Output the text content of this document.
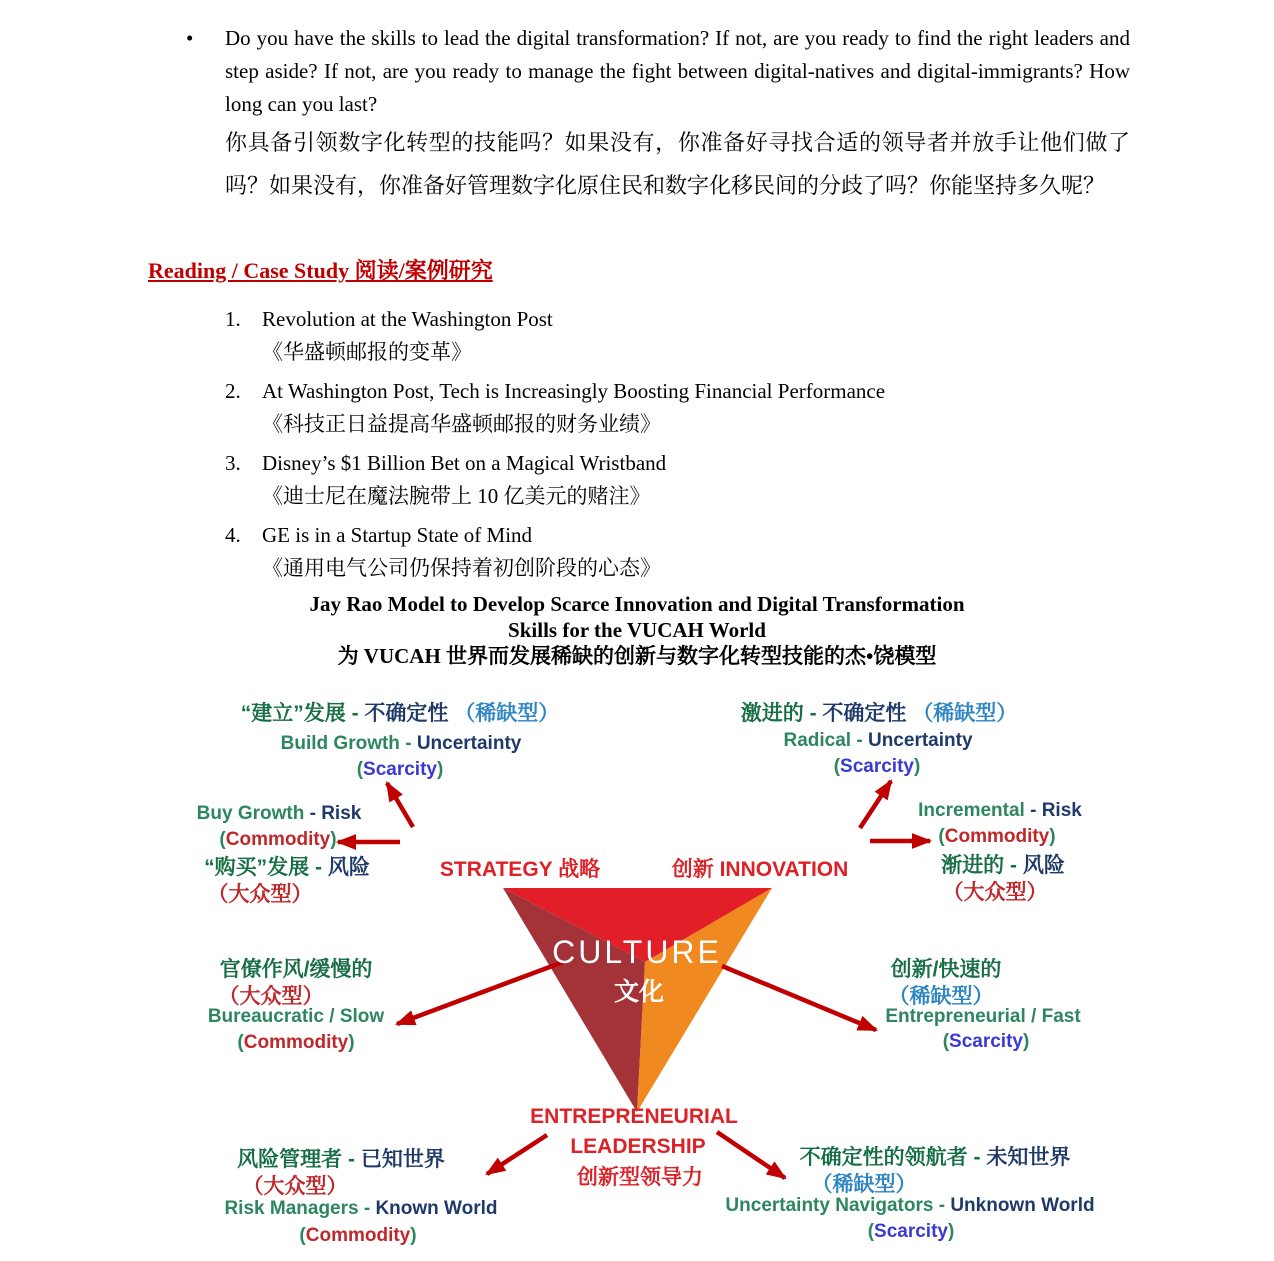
•	Do you have the skills to lead the digital transformation? If not, are you ready to find the right leaders and step aside? If not, are you ready to manage the fight between digital-natives and digital-immigrants? How long can you last?
你具备引领数字化转型的技能吗？如果没有，你准备好寻找合适的领导者并放手让他们做了吗？如果没有，你准备好管理数字化原住民和数字化移民间的分歧了吗？你能坚持多久呢？
Reading / Case Study 阅读/案例研究
1.	Revolution at the Washington Post
《华盛顿邮报的变革》
2.	At Washington Post, Tech is Increasingly Boosting Financial Performance
《科技正日益提高华盛顿邮报的财务业绩》
3.	Disney’s $1 Billion Bet on a Magical Wristband
《迪士尼在魔法腕带上 10 亿美元的赌注》
4.	GE is in a Startup State of Mind
《通用电气公司仍保持着初创阶段的心态》
Jay Rao Model to Develop Scarce Innovation and Digital Transformation
Skills for the VUCAH World
为 VUCAH 世界而发展稀缺的创新与数字化转型技能的杰•饶模型
“建立”发展 - 不确定性 （稀缺型）
Build Growth - Uncertainty
(Scarcity)
Buy Growth - Risk
(Commodity)
“购买”发展 - 风险
（大众型）
STRATEGY 战略	创新 INNOVATION
激进的 - 不确定性 （稀缺型）
Radical - Uncertainty
(Scarcity)
Incremental - Risk
(Commodity)
渐进的 - 风险
（大众型）
官僚作风/缓慢的
（大众型）
Bureaucratic / Slow
(Commodity)
创新/快速的
（稀缺型）
Entrepreneurial / Fast
(Scarcity)
CULTURE
文化
ENTREPRENEURIAL
LEADERSHIP
创新型领导力
风险管理者 - 已知世界
（大众型）
Risk Managers - Known World
(Commodity)
不确定性的领航者 - 未知世界
（稀缺型）
Uncertainty Navigators - Unknown World
(Scarcity)
